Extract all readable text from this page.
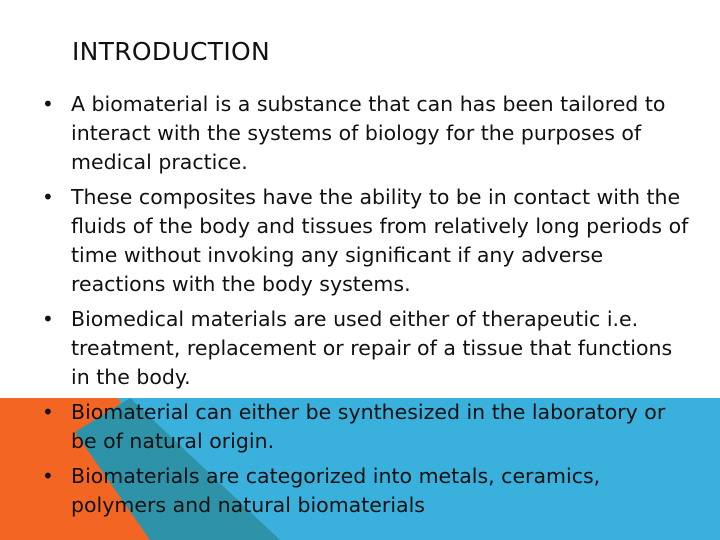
INTRODUCTION
• A biomaterial is a substance that can has been tailored to interact with the systems of biology for the purposes of medical practice.
• These composites have the ability to be in contact with the fluids of the body and tissues from relatively long periods of time without invoking any significant if any adverse reactions with the body systems.
• Biomedical materials are used either of therapeutic i.e. treatment, replacement or repair of a tissue that functions in the body.
• Biomaterial can either be synthesized in the laboratory or be of natural origin.
• Biomaterials are categorized into metals, ceramics, polymers and natural biomaterials
